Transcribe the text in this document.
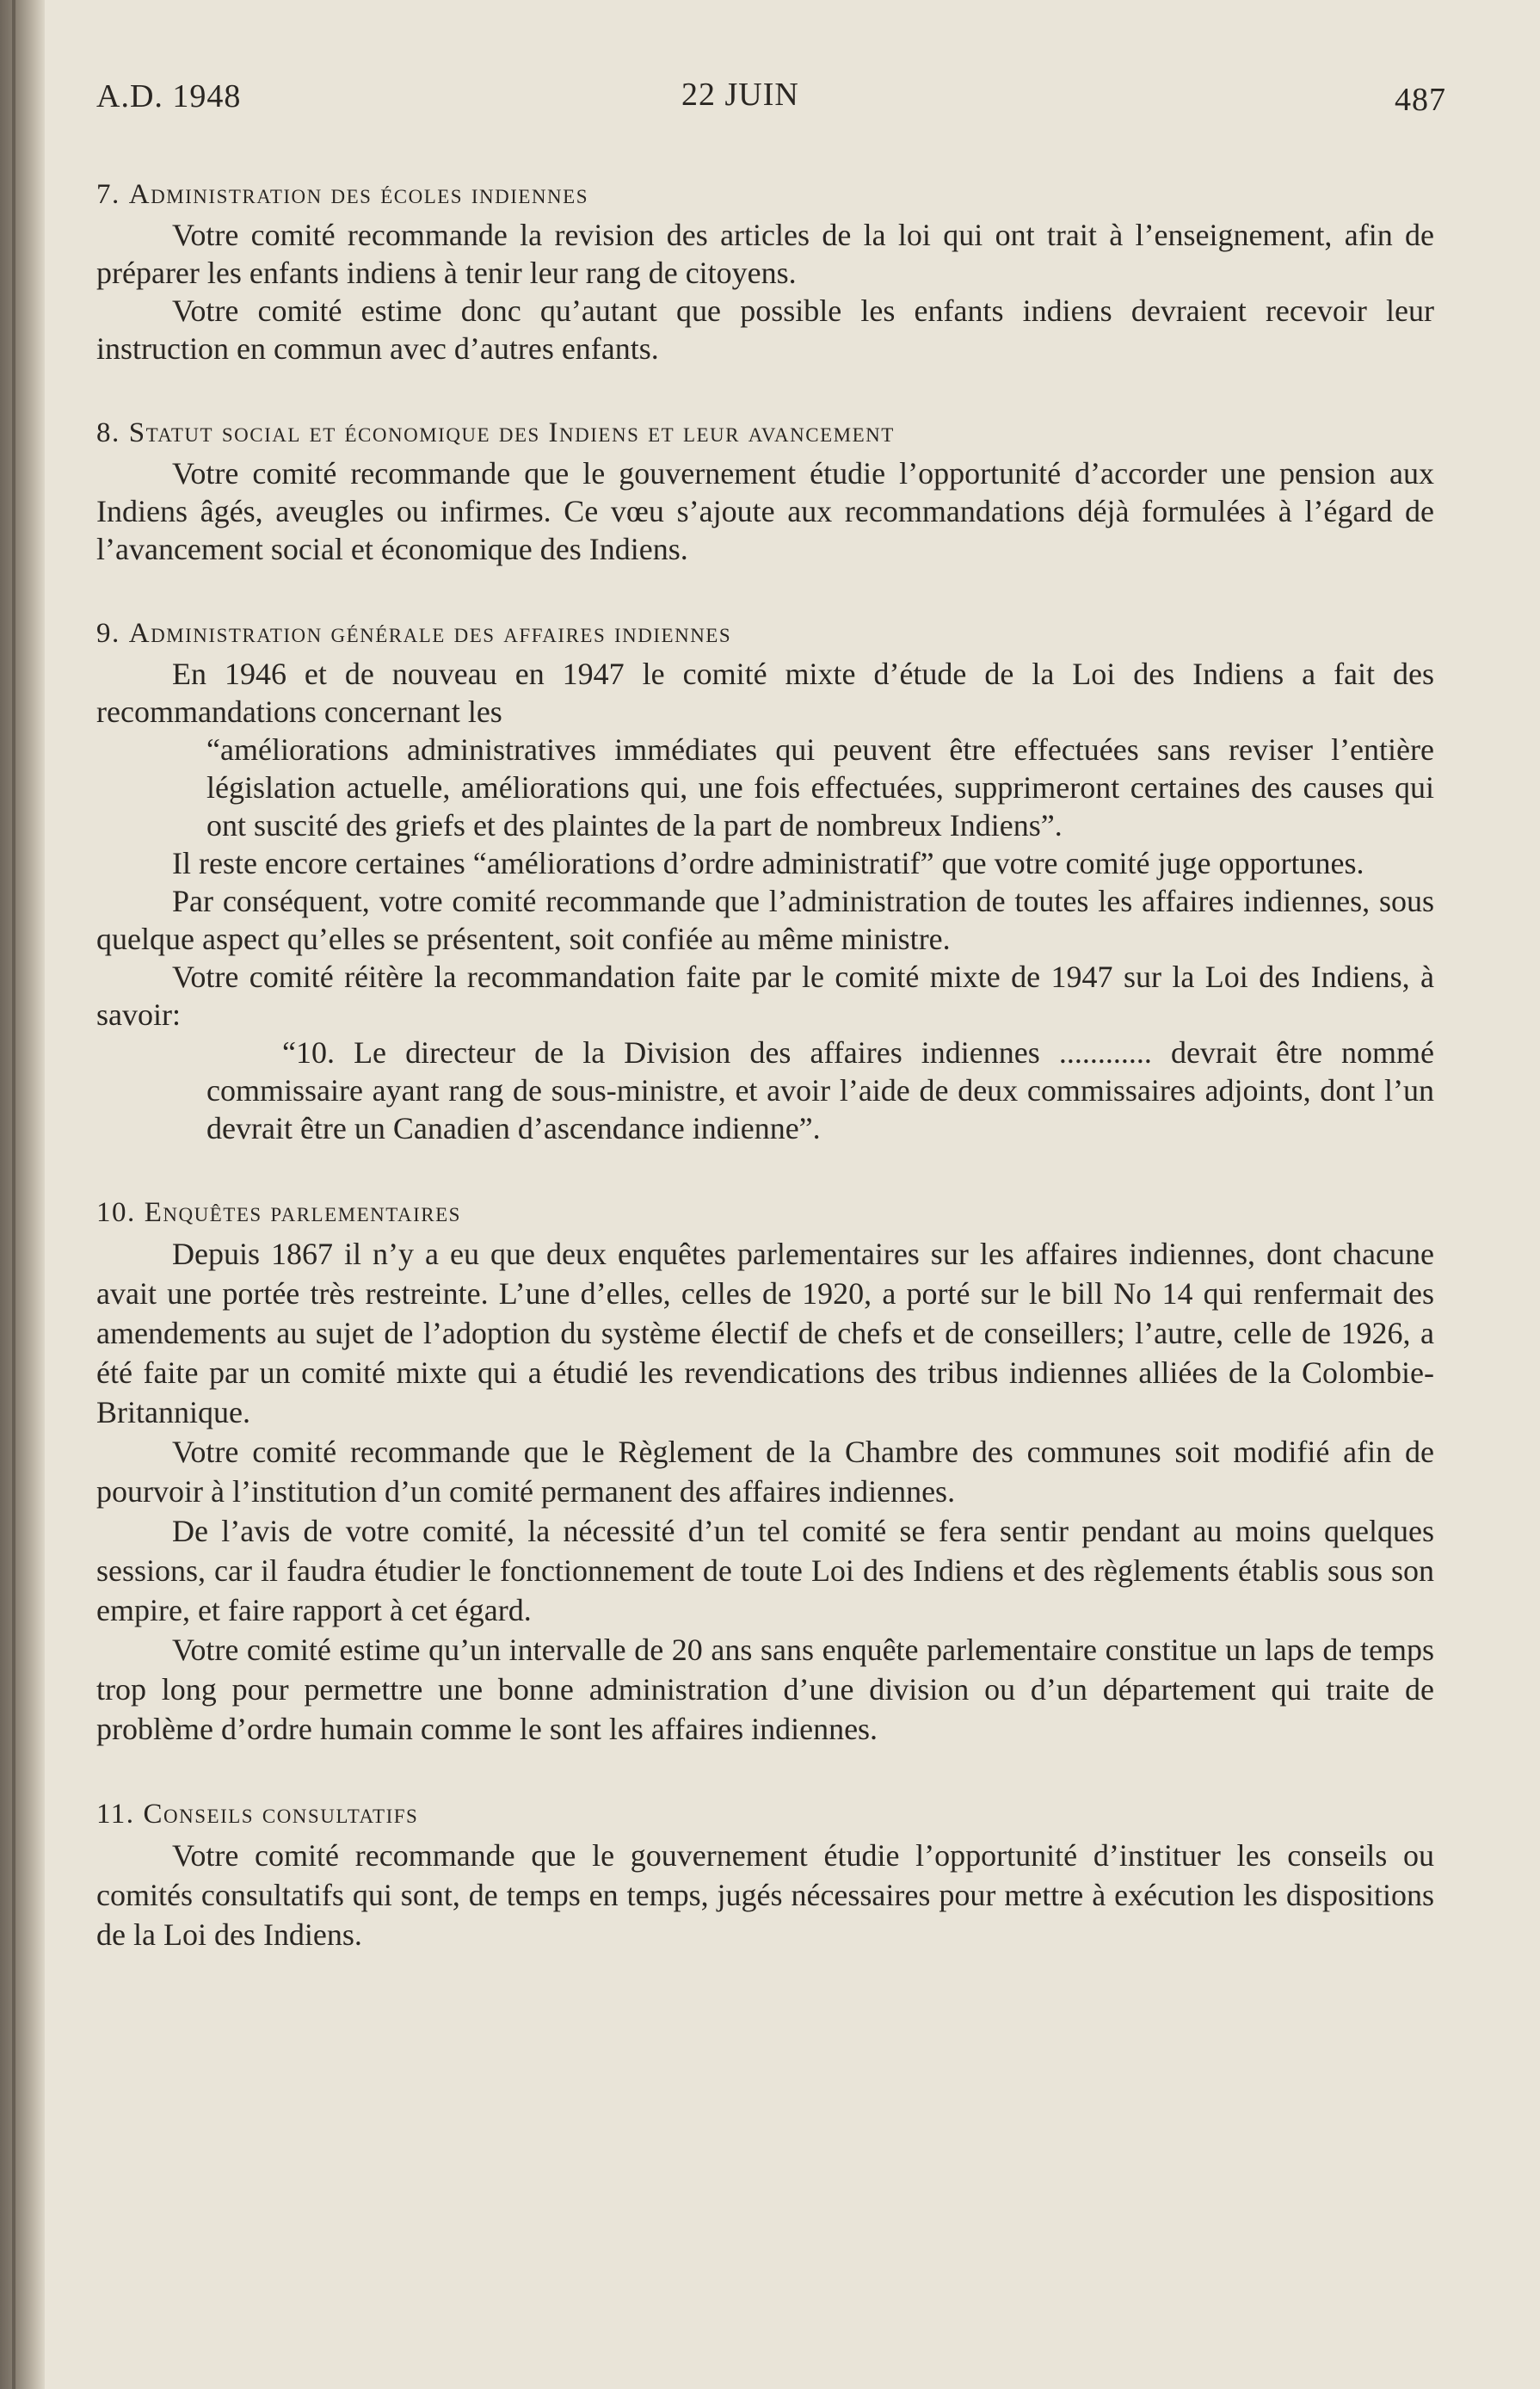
A.D. 1948	22 JUIN	487
7. Administration des écoles indiennes

Votre comité recommande la revision des articles de la loi qui ont trait à l’enseignement, afin de préparer les enfants indiens à tenir leur rang de citoyens.

Votre comité estime donc qu’autant que possible les enfants indiens devraient recevoir leur instruction en commun avec d’autres enfants.

8. Statut social et économique des Indiens et leur avancement

Votre comité recommande que le gouvernement étudie l’opportunité d’accorder une pension aux Indiens âgés, aveugles ou infirmes. Ce vœu s’ajoute aux recommandations déjà formulées à l’égard de l’avancement social et économique des Indiens.

9. Administration générale des affaires indiennes

En 1946 et de nouveau en 1947 le comité mixte d’étude de la Loi des Indiens a fait des recommandations concernant les

“améliorations administratives immédiates qui peuvent être effectuées sans reviser l’entière législation actuelle, améliorations qui, une fois effectuées, supprimeront certaines des causes qui ont suscité des griefs et des plaintes de la part de nombreux Indiens”.

Il reste encore certaines “améliorations d’ordre administratif” que votre comité juge opportunes.

Par conséquent, votre comité recommande que l’administration de toutes les affaires indiennes, sous quelque aspect qu’elles se présentent, soit confiée au même ministre.

Votre comité réitère la recommandation faite par le comité mixte de 1947 sur la Loi des Indiens, à savoir:

“10. Le directeur de la Division des affaires indiennes ............ devrait être nommé commissaire ayant rang de sous-ministre, et avoir l’aide de deux commissaires adjoints, dont l’un devrait être un Canadien d’ascendance indienne”.

10. Enquêtes parlementaires

Depuis 1867 il n’y a eu que deux enquêtes parlementaires sur les affaires indiennes, dont chacune avait une portée très restreinte. L’une d’elles, celles de 1920, a porté sur le bill No 14 qui renfermait des amendements au sujet de l’adoption du système électif de chefs et de conseillers; l’autre, celle de 1926, a été faite par un comité mixte qui a étudié les revendications des tribus indiennes alliées de la Colombie-Britannique.

Votre comité recommande que le Règlement de la Chambre des communes soit modifié afin de pourvoir à l’institution d’un comité permanent des affaires indiennes.

De l’avis de votre comité, la nécessité d’un tel comité se fera sentir pendant au moins quelques sessions, car il faudra étudier le fonctionnement de toute Loi des Indiens et des règlements établis sous son empire, et faire rapport à cet égard.

Votre comité estime qu’un intervalle de 20 ans sans enquête parlementaire constitue un laps de temps trop long pour permettre une bonne administration d’une division ou d’un département qui traite de problème d’ordre humain comme le sont les affaires indiennes.

11. Conseils consultatifs

Votre comité recommande que le gouvernement étudie l’opportunité d’instituer les conseils ou comités consultatifs qui sont, de temps en temps, jugés nécessaires pour mettre à exécution les dispositions de la Loi des Indiens.
